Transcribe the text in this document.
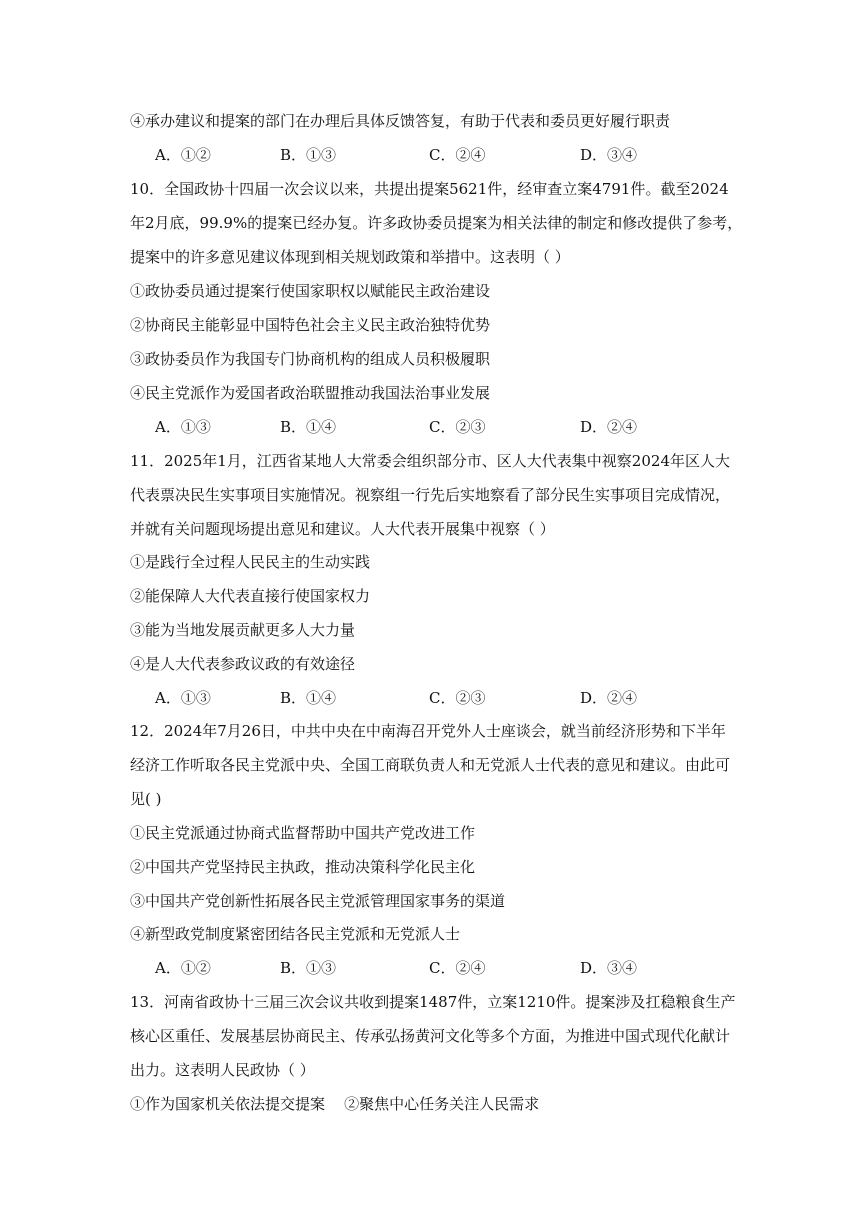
④承办建议和提案的部门在办理后具体反馈答复，有助于代表和委员更好履行职责
A．①②	B．①③	C．②④	D．③④
10．全国政协十四届一次会议以来，共提出提案5621件，经审查立案4791件。截至2024
年2月底，99.9%的提案已经办复。许多政协委员提案为相关法律的制定和修改提供了参考，
提案中的许多意见建议体现到相关规划政策和举措中。这表明（ ）
①政协委员通过提案行使国家职权以赋能民主政治建设
②协商民主能彰显中国特色社会主义民主政治独特优势
③政协委员作为我国专门协商机构的组成人员积极履职
④民主党派作为爱国者政治联盟推动我国法治事业发展
A．①③	B．①④	C．②③	D．②④
11．2025年1月，江西省某地人大常委会组织部分市、区人大代表集中视察2024年区人大
代表票决民生实事项目实施情况。视察组一行先后实地察看了部分民生实事项目完成情况，
并就有关问题现场提出意见和建议。人大代表开展集中视察（ ）
①是践行全过程人民民主的生动实践
②能保障人大代表直接行使国家权力
③能为当地发展贡献更多人大力量
④是人大代表参政议政的有效途径
A．①③	B．①④	C．②③	D．②④
12．2024年7月26日，中共中央在中南海召开党外人士座谈会，就当前经济形势和下半年
经济工作听取各民主党派中央、全国工商联负责人和无党派人士代表的意见和建议。由此可
见( )
①民主党派通过协商式监督帮助中国共产党改进工作
②中国共产党坚持民主执政，推动决策科学化民主化
③中国共产党创新性拓展各民主党派管理国家事务的渠道
④新型政党制度紧密团结各民主党派和无党派人士
A．①②	B．①③	C．②④	D．③④
13．河南省政协十三届三次会议共收到提案1487件，立案1210件。提案涉及扛稳粮食生产
核心区重任、发展基层协商民主、传承弘扬黄河文化等多个方面，为推进中国式现代化献计
出力。这表明人民政协（ ）
①作为国家机关依法提交提案    ②聚焦中心任务关注人民需求
